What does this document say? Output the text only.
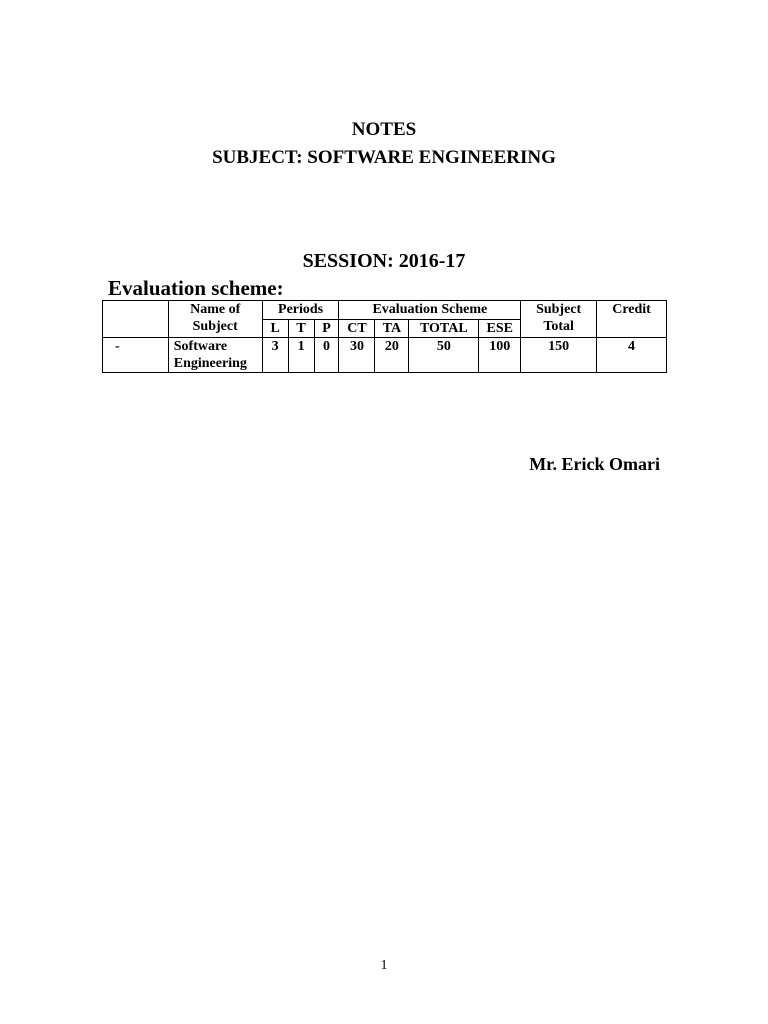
NOTES
SUBJECT: SOFTWARE ENGINEERING
SESSION: 2016-17
Evaluation scheme:
	Name of Subject	Periods			Evaluation Scheme				Subject Total	Credit
		L	T	P	CT	TA	TOTAL	ESE		
-	Software Engineering	3	1	0	30	20	50	100	150	4
Mr. Erick Omari
1
